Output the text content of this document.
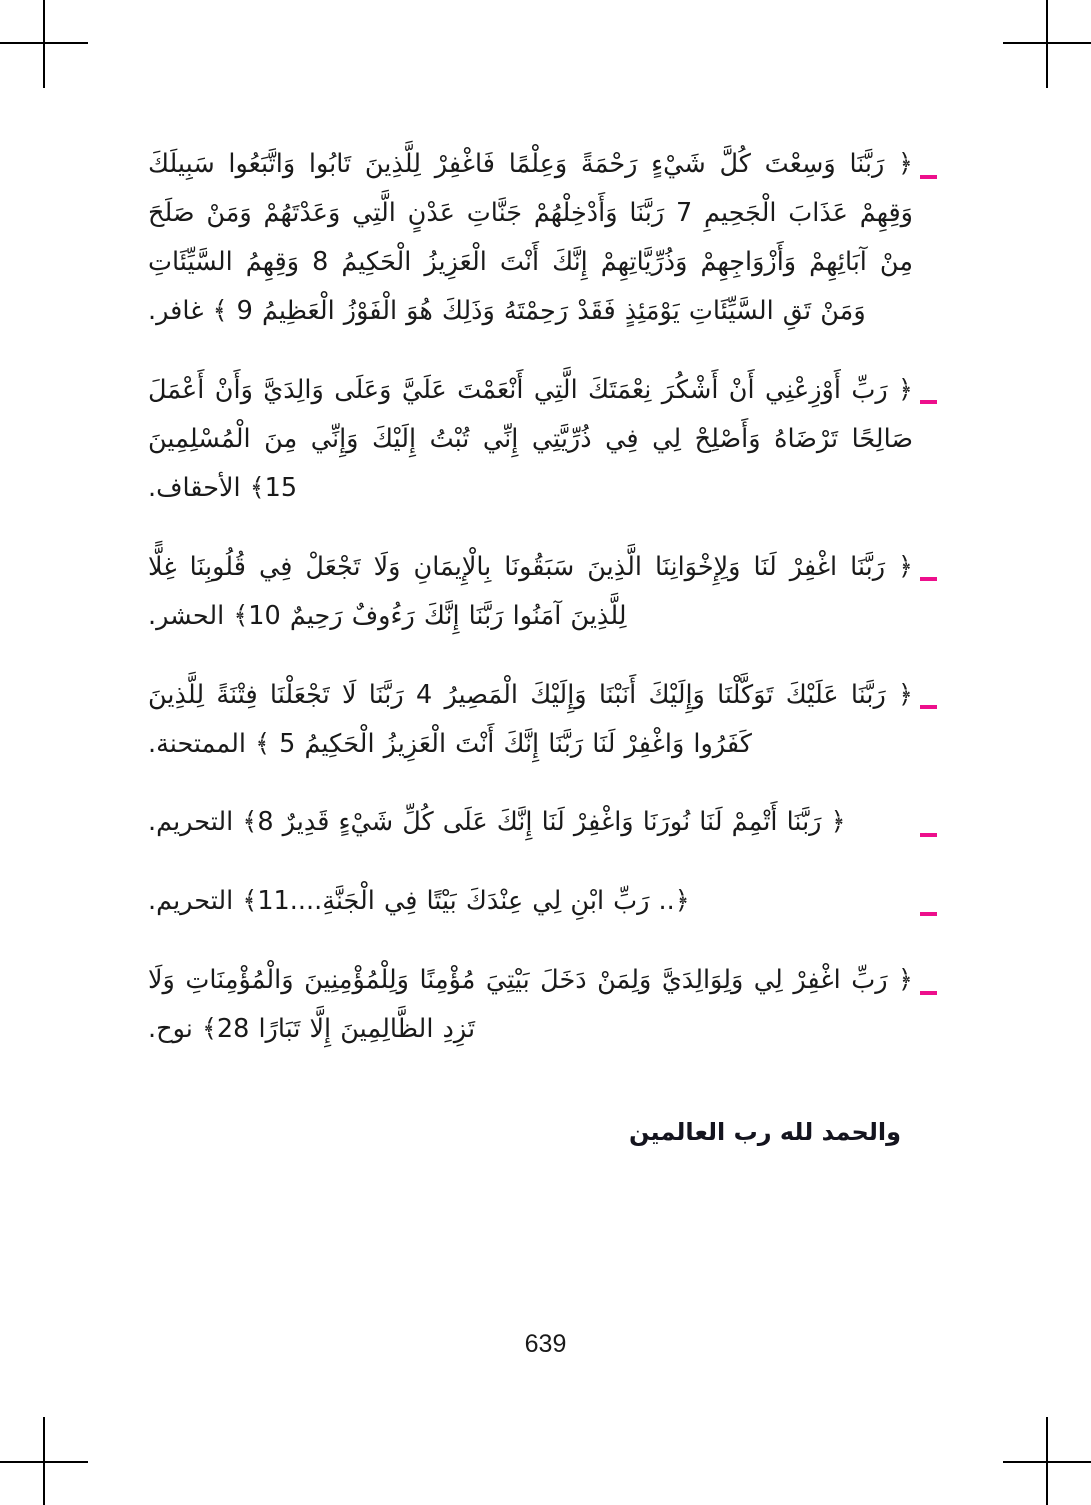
﴿ رَبَّنَا وَسِعْتَ كُلَّ شَيْءٍ رَحْمَةً وَعِلْمًا فَاغْفِرْ لِلَّذِينَ تَابُوا وَاتَّبَعُوا سَبِيلَكَ وَقِهِمْ عَذَابَ الْجَحِيمِ 7 رَبَّنَا وَأَدْخِلْهُمْ جَنَّاتِ عَدْنٍ الَّتِي وَعَدْتَهُمْ وَمَنْ صَلَحَ مِنْ آبَائِهِمْ وَأَزْوَاجِهِمْ وَذُرِّيَّاتِهِمْ إِنَّكَ أَنْتَ الْعَزِيزُ الْحَكِيمُ 8 وَقِهِمُ السَّيِّئَاتِ وَمَنْ تَقِ السَّيِّئَاتِ يَوْمَئِذٍ فَقَدْ رَحِمْتَهُ وَذَلِكَ هُوَ الْفَوْزُ الْعَظِيمُ 9 ﴾ غافر.
﴿ رَبِّ أَوْزِعْنِي أَنْ أَشْكُرَ نِعْمَتَكَ الَّتِي أَنْعَمْتَ عَلَيَّ وَعَلَى وَالِدَيَّ وَأَنْ أَعْمَلَ صَالِحًا تَرْضَاهُ وَأَصْلِحْ لِي فِي ذُرِّيَّتِي إِنِّي تُبْتُ إِلَيْكَ وَإِنِّي مِنَ الْمُسْلِمِينَ 15﴾ الأحقاف.
﴿ رَبَّنَا اغْفِرْ لَنَا وَلِإِخْوَانِنَا الَّذِينَ سَبَقُونَا بِالْإِيمَانِ وَلَا تَجْعَلْ فِي قُلُوبِنَا غِلًّا لِلَّذِينَ آمَنُوا رَبَّنَا إِنَّكَ رَءُوفٌ رَحِيمٌ 10﴾ الحشر.
﴿ رَبَّنَا عَلَيْكَ تَوَكَّلْنَا وَإِلَيْكَ أَنَبْنَا وَإِلَيْكَ الْمَصِيرُ 4 رَبَّنَا لَا تَجْعَلْنَا فِتْنَةً لِلَّذِينَ كَفَرُوا وَاغْفِرْ لَنَا رَبَّنَا إِنَّكَ أَنْتَ الْعَزِيزُ الْحَكِيمُ 5 ﴾ الممتحنة.
﴿ رَبَّنَا أَتْمِمْ لَنَا نُورَنَا وَاغْفِرْ لَنَا إِنَّكَ عَلَى كُلِّ شَيْءٍ قَدِيرٌ 8﴾ التحريم.
﴿.. رَبِّ ابْنِ لِي عِنْدَكَ بَيْتًا فِي الْجَنَّةِ....11﴾ التحريم.
﴿ رَبِّ اغْفِرْ لِي وَلِوَالِدَيَّ وَلِمَنْ دَخَلَ بَيْتِيَ مُؤْمِنًا وَلِلْمُؤْمِنِينَ وَالْمُؤْمِنَاتِ وَلَا تَزِدِ الظَّالِمِينَ إِلَّا تَبَارًا 28﴾ نوح.
والحمد لله رب العالمين
639
